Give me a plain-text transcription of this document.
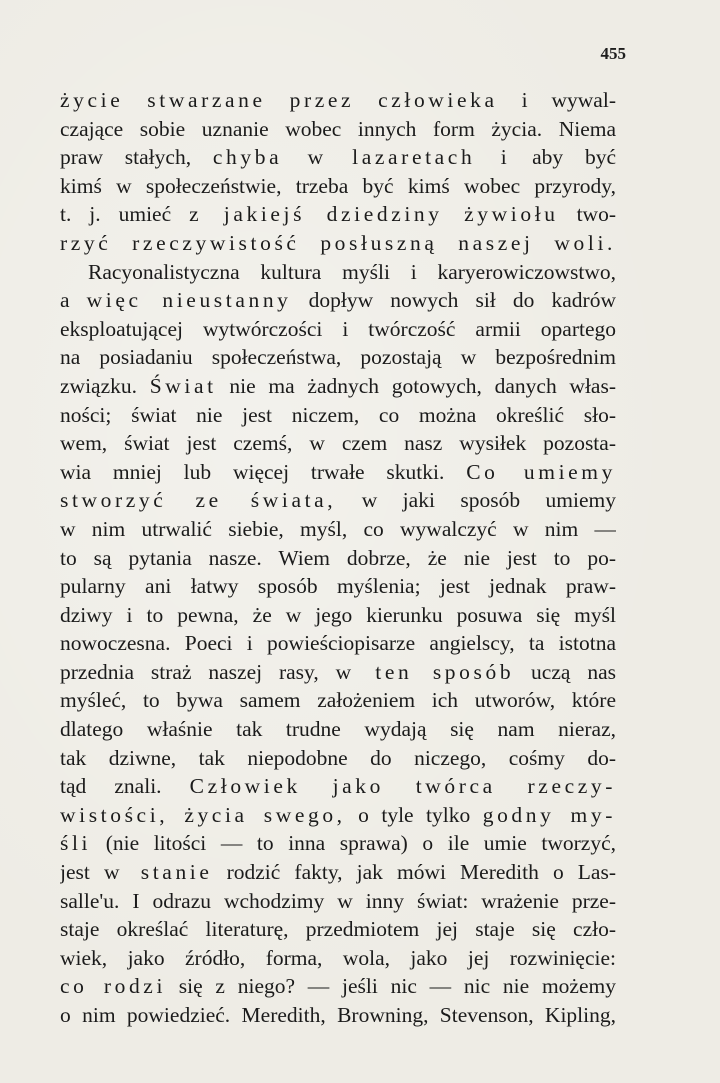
455
życie stwarzane przez człowieka i wywal-
czające sobie uznanie wobec innych form życia. Niema
praw stałych, chyba w lazaretach i aby być
kimś w społeczeństwie, trzeba być kimś wobec przyrody,
t. j. umieć z jakiejś dziedziny żywiołu two-
rzyć rzeczywistość posłuszną naszej woli.
Racyonalistyczna kultura myśli i karyerowiczowstwo,
a więc nieustanny dopływ nowych sił do kadrów
eksploatującej wytwórczości i twórczość armii opartego
na posiadaniu społeczeństwa, pozostają w bezpośrednim
związku. Świat nie ma żadnych gotowych, danych włas-
ności; świat nie jest niczem, co można określić sło-
wem, świat jest czemś, w czem nasz wysiłek pozosta-
wia mniej lub więcej trwałe skutki. Co umiemy
stworzyć ze świata, w jaki sposób umiemy
w nim utrwalić siebie, myśl, co wywalczyć w nim —
to są pytania nasze. Wiem dobrze, że nie jest to po-
pularny ani łatwy sposób myślenia; jest jednak praw-
dziwy i to pewna, że w jego kierunku posuwa się myśl
nowoczesna. Poeci i powieściopisarze angielscy, ta istotna
przednia straż naszej rasy, w ten sposób uczą nas
myśleć, to bywa samem założeniem ich utworów, które
dlatego właśnie tak trudne wydają się nam nieraz,
tak dziwne, tak niepodobne do niczego, cośmy do-
tąd znali. Człowiek jako twórca rzeczy-
wistości, życia swego, o tyle tylko godny my-
śli (nie litości — to inna sprawa) o ile umie tworzyć,
jest w stanie rodzić fakty, jak mówi Meredith o Las-
salle'u. I odrazu wchodzimy w inny świat: wrażenie prze-
staje określać literaturę, przedmiotem jej staje się czło-
wiek, jako źródło, forma, wola, jako jej rozwinięcie:
co rodzi się z niego? — jeśli nic — nic nie możemy
o nim powiedzieć. Meredith, Browning, Stevenson, Kipling,
